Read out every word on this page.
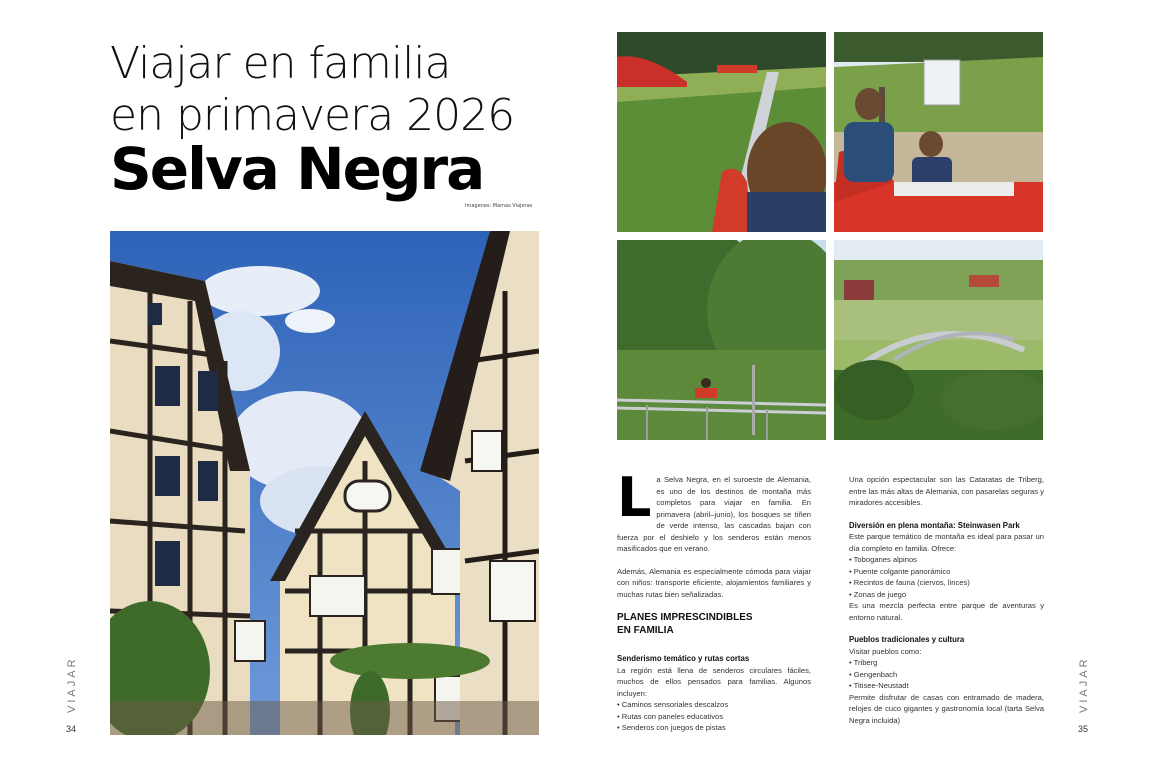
Viajar en familia
en primavera 2026
Selva Negra
Imagenes: Mamas Viajeras
VIAJAR
34
L a Selva Negra, en el suroeste de Alemania, es uno de los destinos de montaña más completos para viajar en familia. En primavera (abril–junio), los bosques se tiñen de verde intenso, las cascadas bajan con fuerza por el deshielo y los senderos están menos masificados que en verano.

Además, Alemania es especialmente cómoda para viajar con niños: transporte eficiente, alojamientos familiares y muchas rutas bien señalizadas.

PLANES IMPRESCINDIBLES
EN FAMILIA
Senderismo temático y rutas cortas

La región está llena de senderos circulares fáciles, muchos de ellos pensados para familias. Algunos incluyen:

• Caminos sensoriales descalzos
• Rutas con paneles educativos
• Senderos con juegos de pistas

Una opción espectacular son las Cataratas de Triberg, entre las más altas de Alemania, con pasarelas seguras y miradores accesibles.

Diversión en plena montaña: Steinwasen Park

Este parque temático de montaña es ideal para pasar un día completo en familia. Ofrece:

• Toboganes alpinos
• Puente colgante panorámico
• Recintos de fauna (ciervos, linces)
• Zonas de juego

Es una mezcla perfecta entre parque de aventuras y entorno natural.

Pueblos tradicionales y cultura

Visitar pueblos como:

• Triberg
• Gengenbach
• Titisee-Neustadt

Permite disfrutar de casas con entramado de madera, relojes de cuco gigantes y gastronomía local (tarta Selva Negra incluida)

VIAJAR
35
